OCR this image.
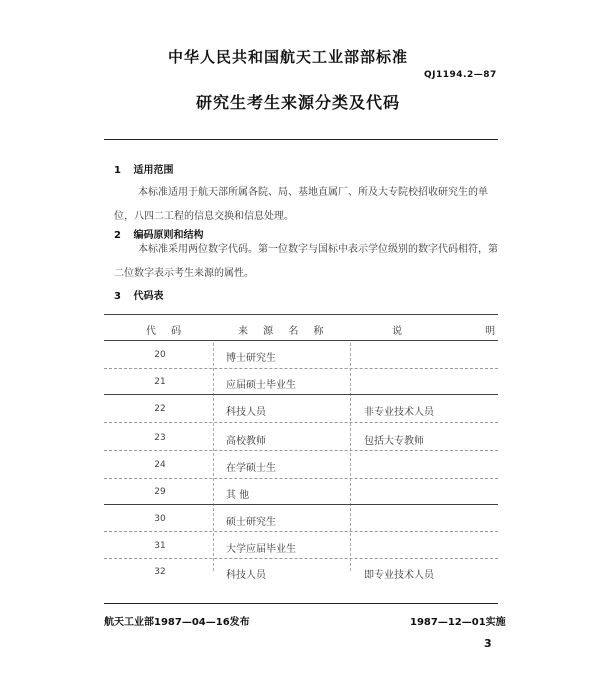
中华人民共和国航天工业部部标准
QJ1194.2—87
研究生考生来源分类及代码
1 适用范围
本标准适用于航天部所属各院、局、基地直属厂、所及大专院校招收研究生的单位，八四二工程的信息交换和信息处理。
2 编码原则和结构
本标准采用两位数字代码。第一位数字与国标中表示学位级别的数字代码相符，第二位数字表示考生来源的属性。
3 代码表
代 码	来 源 名 称	说 明
20	博士研究生
21	应届硕士毕业生
22	科技人员	非专业技术人员
23	高校教师	包括大专教师
24	在学硕士生
29	其 他
30	硕士研究生
31	大学应届毕业生
32	科技人员	即专业技术人员
航天工业部1987—04—16发布	1987—12—01实施
3
